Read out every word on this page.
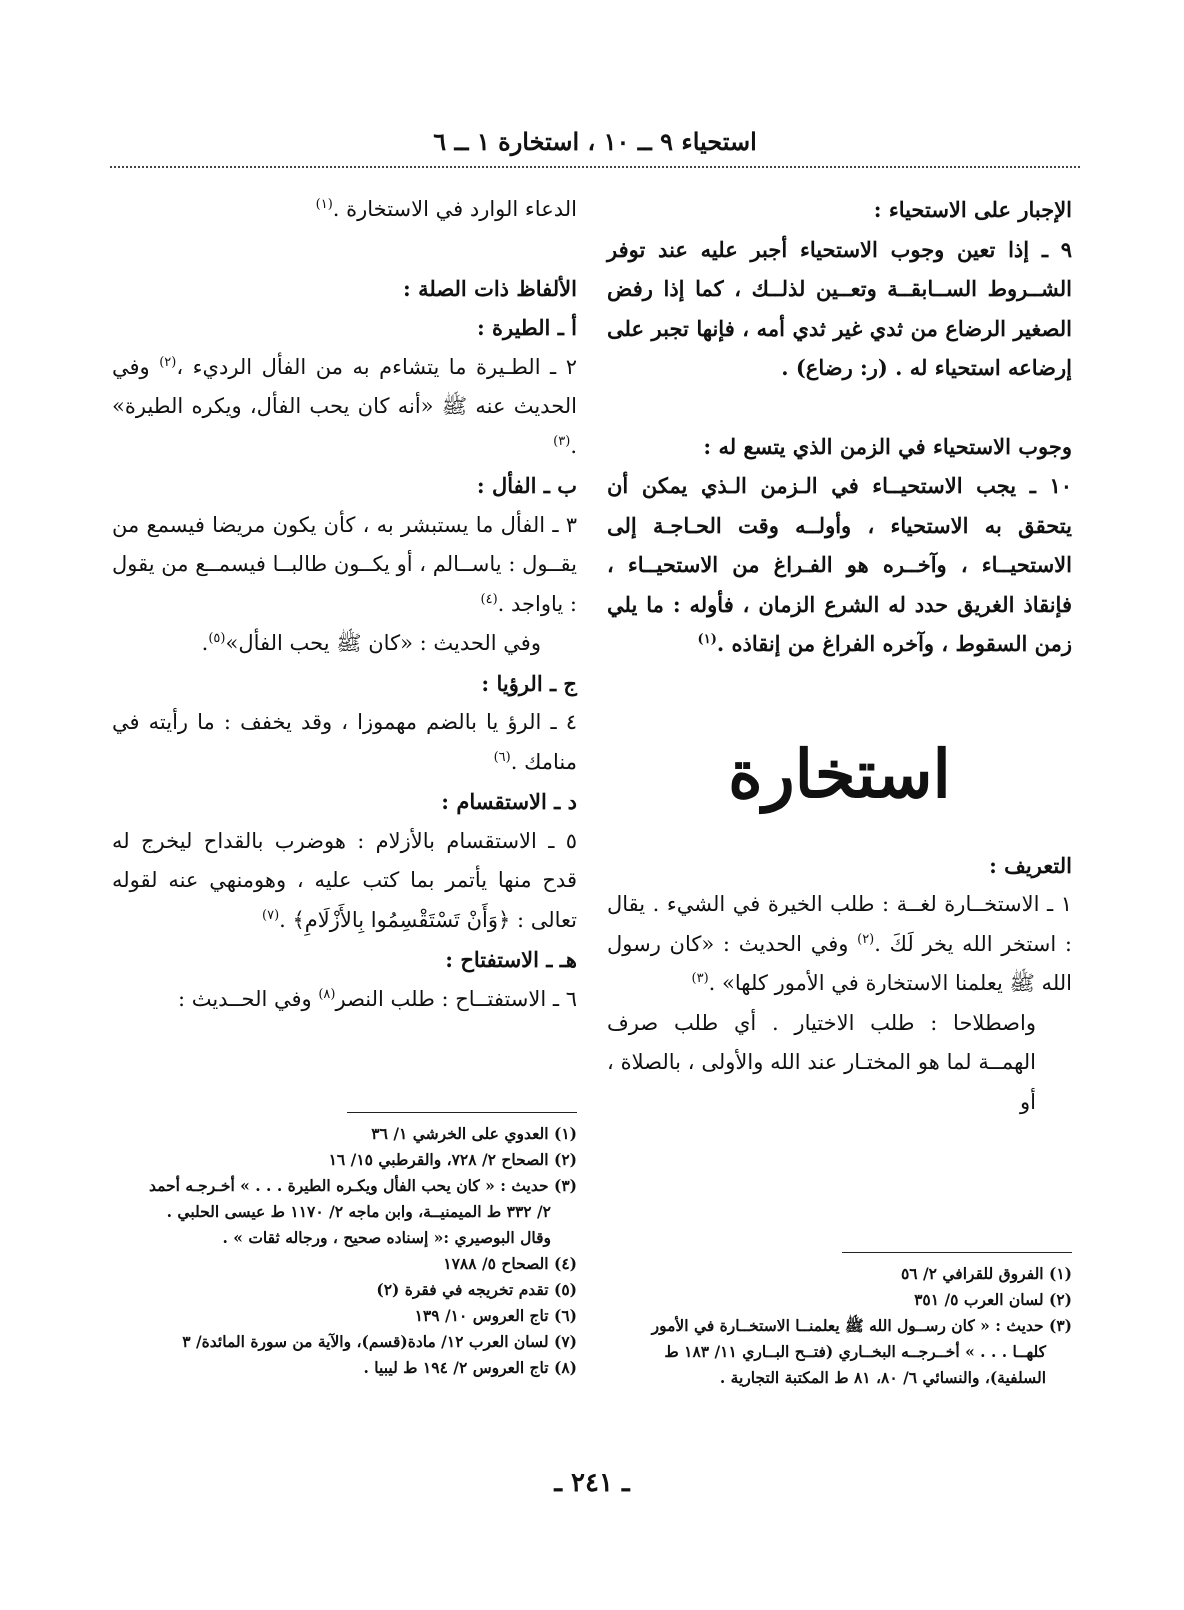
استحياء ٩ ــ ١٠ ، استخارة ١ ــ ٦

الإجبار على الاستحياء :

٩ ـ إذا تعين وجوب الاستحياء أجبر عليه عند توفر الشــروط الســابقــة وتعــين لذلــك ، كما إذا رفض الصغير الرضاع من ثدي غير ثدي أمه ، فإنها تجبر على إرضاعه استحياء له . (ر: رضاع) .

وجوب الاستحياء في الزمن الذي يتسع له :

١٠ ـ يجب الاستحيــاء في الـزمن الـذي يمكن أن يتحقق به الاستحياء ، وأولــه وقت الحـاجـة إلى الاستحيــاء ، وآخــره هو الفـراغ من الاستحيــاء ، فإنقاذ الغريق حدد له الشرع الزمان ، فأوله : ما يلي زمن السقوط ، وآخره الفراغ من إنقاذه .$^{(١)}$

استخارة

التعريف :

١ ـ الاستخــارة لغــة : طلب الخيرة في الشيء . يقال : استخر الله يخر لَكَ .$^{(٢)}$ وفي الحديث : «كان رسول الله ﷺ يعلمنا الاستخارة في الأمور كلها» .$^{(٣)}$

واصطلاحا : طلب الاختيار . أي طلب صرف الهمــة لما هو المختـار عند الله والأولى ، بالصلاة ، أو

(١) الفروق للقرافي ٢/ ٥٦

(٢) لسان العرب ٥/ ٣٥١

(٣) حديث : « كان رســول الله ﷺ يعلمنــا الاستخــارة في الأمور

كلهــا . . . » أخــرجــه البخــاري (فتــح البــاري ١١/ ١٨٣ ط

السلفية)، والنسائي ٦/ ٨٠، ٨١ ط المكتبة التجارية .

الدعاء الوارد في الاستخارة .$^{(١)}$

الألفاظ ذات الصلة :

أ ـ الطيرة :

٢ ـ الطـيرة ما يتشاءم به من الفأل الرديء ،$^{(٢)}$ وفي الحديث عنه ﷺ «أنه كان يحب الفأل، ويكره الطيرة» .$^{(٣)}$

ب ـ الفأل :

٣ ـ الفأل ما يستبشر به ، كأن يكون مريضا فيسمع من يقــول : ياســالم ، أو يكــون طالبــا فيسمــع من يقول : ياواجد .$^{(٤)}$

وفي الحديث : «كان ﷺ يحب الفأل»$^{(٥)}$.

ج ـ الرؤيا :

٤ ـ الرؤ يا بالضم مهموزا ، وقد يخفف : ما رأيته في منامك .$^{(٦)}$

د ـ الاستقسام :

٥ ـ الاستقسام بالأزلام : هوضرب بالقداح ليخرج له قدح منها يأتمر بما كتب عليه ، وهومنهي عنه لقوله تعالى : ﴿وَأَنْ تَسْتَقْسِمُوا بِالأَزْلَامِ﴾ .$^{(٧)}$

هـ ـ الاستفتاح :

٦ ـ الاستفتــاح : طلب النصر$^{(٨)}$ وفي الحــديث :

(١) العدوي على الخرشي ١/ ٣٦

(٢) الصحاح ٢/ ٧٢٨، والقرطبي ١٥/ ١٦

(٣) حديث : « كان يحب الفأل ويكـره الطيرة . . . » أخـرجـه أحمد

٢/ ٣٣٢ ط الميمنيــة، وابن ماجه ٢/ ١١٧٠ ط عيسى الحلبي .

وقال البوصيري :« إسناده صحيح ، ورجاله ثقات » .

(٤) الصحاح ٥/ ١٧٨٨

(٥) تقدم تخريجه في فقرة (٢)

(٦) تاج العروس ١٠/ ١٣٩

(٧) لسان العرب ١٢/ مادة(قسم)، والآية من سورة المائدة/ ٣

(٨) تاج العروس ٢/ ١٩٤ ط ليبيا .

ـ ٢٤١ ـ
